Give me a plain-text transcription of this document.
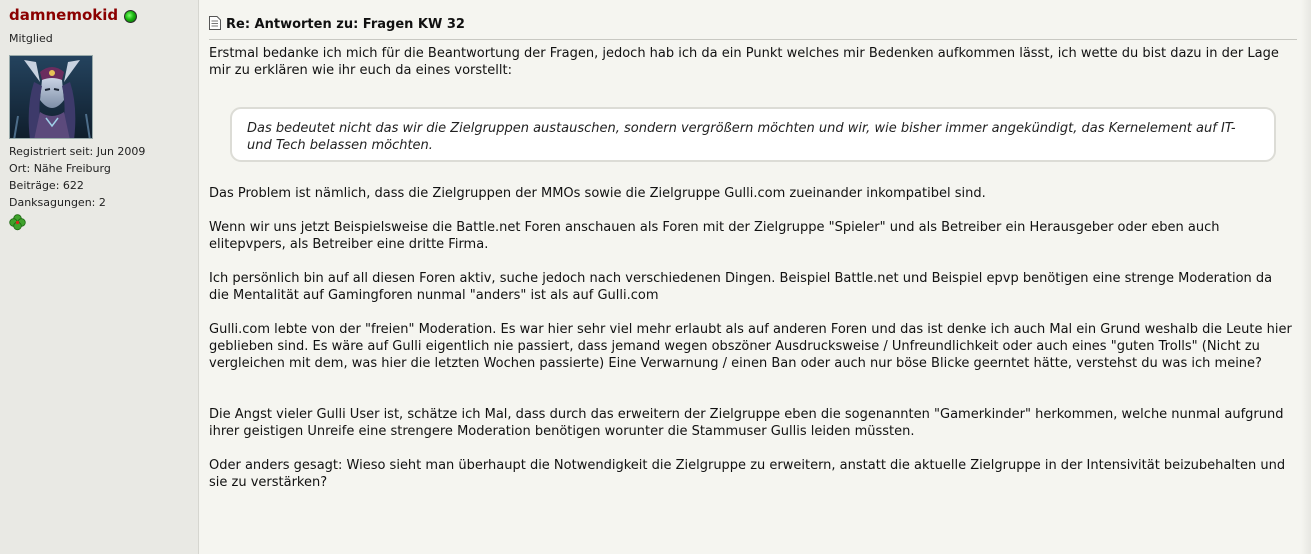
damnemokid
Mitglied
Registriert seit: Jun 2009
Ort: Nähe Freiburg
Beiträge: 622
Danksagungen: 2
Re: Antworten zu: Fragen KW 32

Erstmal bedanke ich mich für die Beantwortung der Fragen, jedoch hab ich da ein Punkt welches mir Bedenken aufkommen lässt, ich wette du bist dazu in der Lage mir zu erklären wie ihr euch da eines vorstellt:

Das bedeutet nicht das wir die Zielgruppen austauschen, sondern vergrößern möchten und wir, wie bisher immer angekündigt, das Kernelement auf IT- und Tech belassen möchten.

Das Problem ist nämlich, dass die Zielgruppen der MMOs sowie die Zielgruppe Gulli.com zueinander inkompatibel sind.

Wenn wir uns jetzt Beispielsweise die Battle.net Foren anschauen als Foren mit der Zielgruppe "Spieler" und als Betreiber ein Herausgeber oder eben auch elitepvpers, als Betreiber eine dritte Firma.

Ich persönlich bin auf all diesen Foren aktiv, suche jedoch nach verschiedenen Dingen. Beispiel Battle.net und Beispiel epvp benötigen eine strenge Moderation da die Mentalität auf Gamingforen nunmal "anders" ist als auf Gulli.com

Gulli.com lebte von der "freien" Moderation. Es war hier sehr viel mehr erlaubt als auf anderen Foren und das ist denke ich auch Mal ein Grund weshalb die Leute hier geblieben sind. Es wäre auf Gulli eigentlich nie passiert, dass jemand wegen obszöner Ausdrucksweise / Unfreundlichkeit oder auch eines "guten Trolls" (Nicht zu vergleichen mit dem, was hier die letzten Wochen passierte) Eine Verwarnung / einen Ban oder auch nur böse Blicke geerntet hätte, verstehst du was ich meine?

Die Angst vieler Gulli User ist, schätze ich Mal, dass durch das erweitern der Zielgruppe eben die sogenannten "Gamerkinder" herkommen, welche nunmal aufgrund ihrer geistigen Unreife eine strengere Moderation benötigen worunter die Stammuser Gullis leiden müssten.

Oder anders gesagt: Wieso sieht man überhaupt die Notwendigkeit die Zielgruppe zu erweitern, anstatt die aktuelle Zielgruppe in der Intensivität beizubehalten und sie zu verstärken?
